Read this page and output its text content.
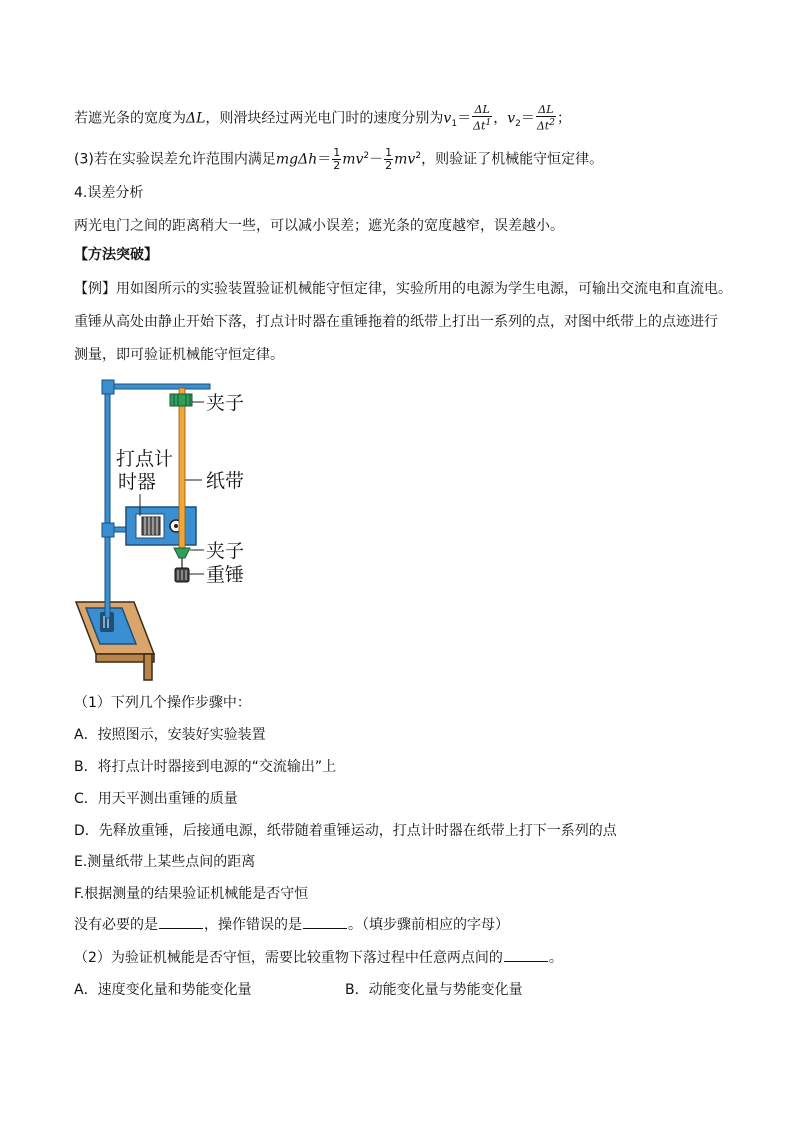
若遮光条的宽度为ΔL，则滑块经过两光电门时的速度分别为$v_1= \frac{\Delta L}{\Delta t^1}$ ，$v_2= \frac{\Delta L}{\Delta t^2}$ ；
(3)若在实验误差允许范围内满足$mg\Delta h= \frac{1}{2} mv^2- \frac{1}{2} mv^2$，则验证了机械能守恒定律。
4.误差分析
两光电门之间的距离稍大一些，可以减小误差；遮光条的宽度越窄，误差越小。
【方法突破】
【例】用如图所示的实验装置验证机械能守恒定律，实验所用的电源为学生电源，可输出交流电和直流电。
重锤从高处由静止开始下落，打点计时器在重锤拖着的纸带上打出一系列的点，对图中纸带上的点迹进行
测量，即可验证机械能守恒定律。
夹子
打点计
时器	纸带
夹子
重锤
（1）下列几个操作步骤中：
A．按照图示，安装好实验装置
B．将打点计时器接到电源的“交流输出”上
C．用天平测出重锤的质量
D．先释放重锤，后接通电源，纸带随着重锤运动，打点计时器在纸带上打下一系列的点
E.测量纸带上某些点间的距离
F.根据测量的结果验证机械能是否守恒
没有必要的是	，操作错误的是	。（填步骤前相应的字母）
（2）为验证机械能是否守恒，需要比较重物下落过程中任意两点间的	。
A．速度变化量和势能变化量	B．动能变化量与势能变化量
